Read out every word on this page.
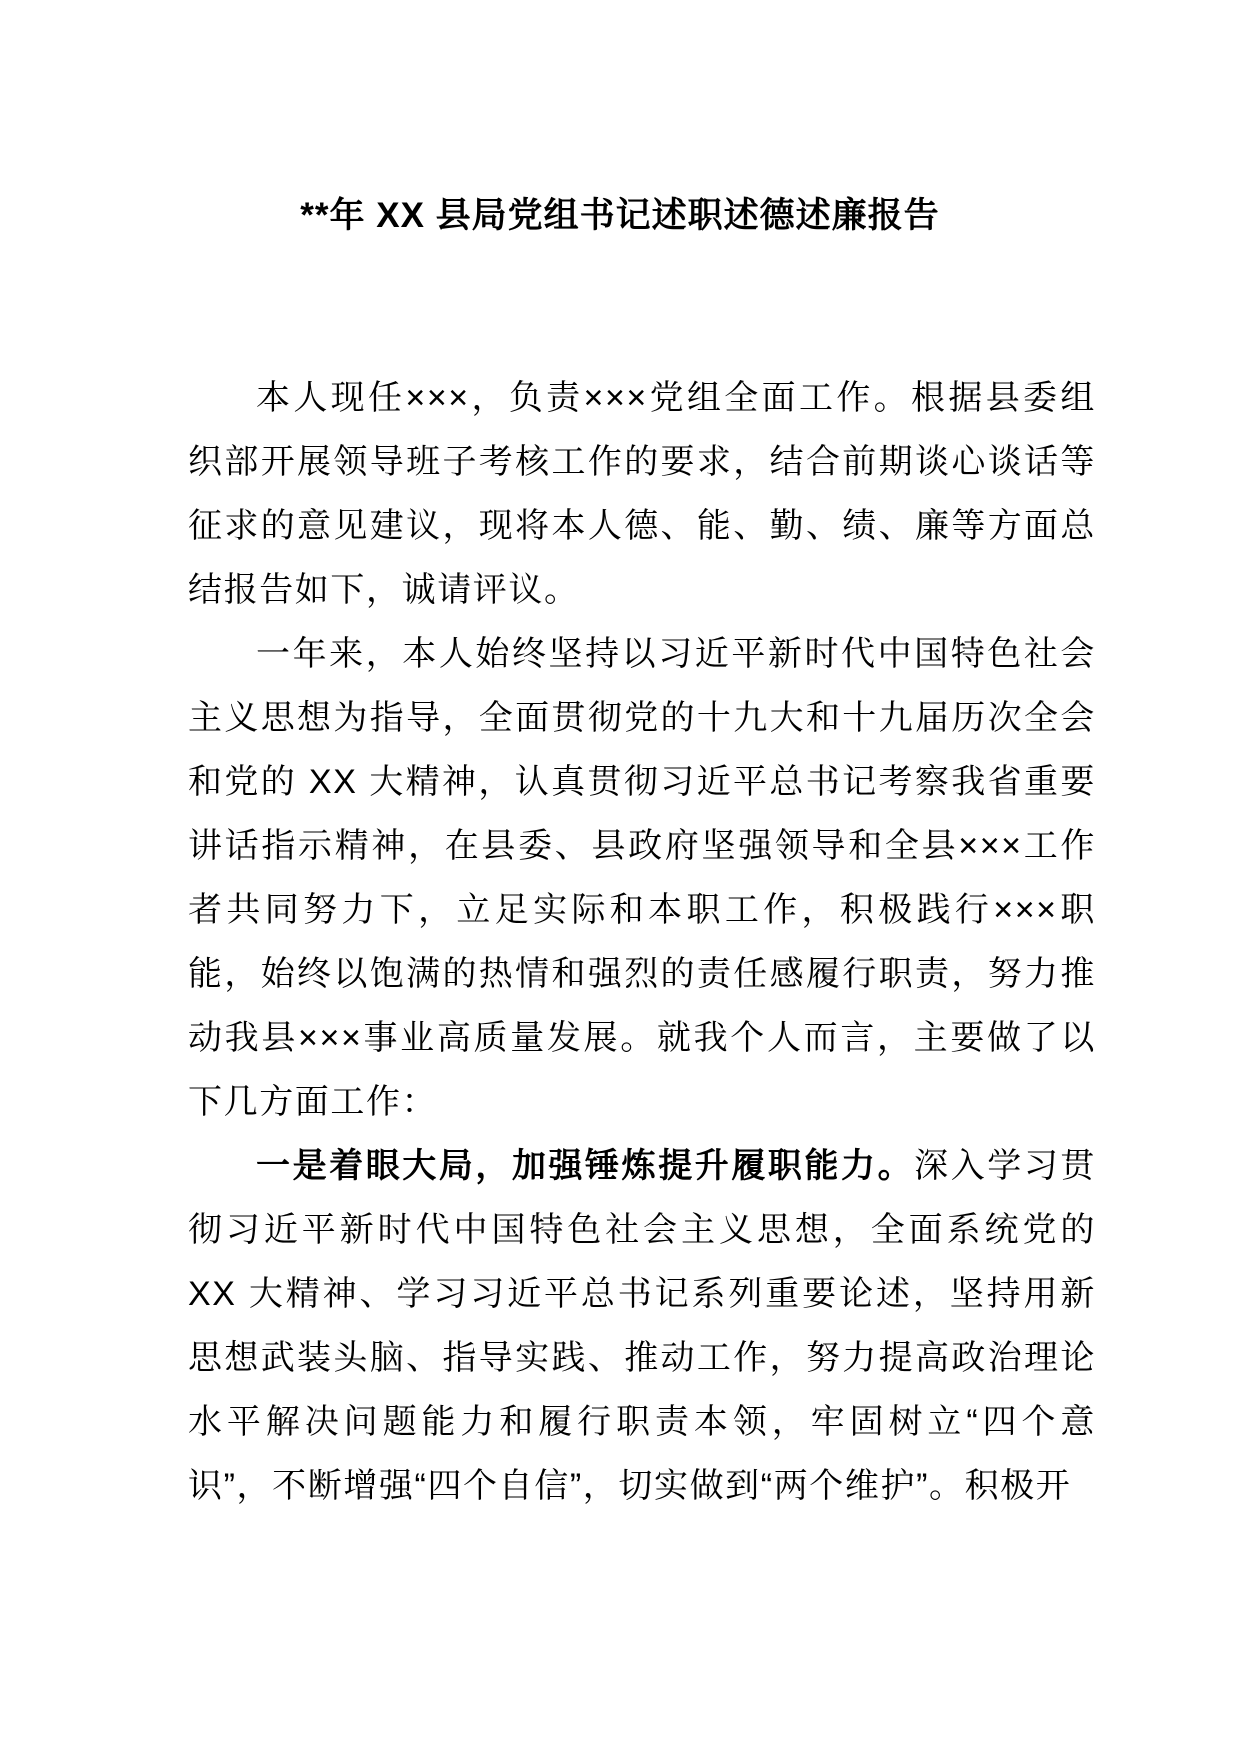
**年 XX 县局党组书记述职述德述廉报告

本人现任×××，负责×××党组全面工作。根据县委组织部开展领导班子考核工作的要求，结合前期谈心谈话等征求的意见建议，现将本人德、能、勤、绩、廉等方面总结报告如下，诚请评议。

一年来，本人始终坚持以习近平新时代中国特色社会主义思想为指导，全面贯彻党的十九大和十九届历次全会和党的 XX 大精神，认真贯彻习近平总书记考察我省重要讲话指示精神，在县委、县政府坚强领导和全县×××工作者共同努力下，立足实际和本职工作，积极践行×××职能，始终以饱满的热情和强烈的责任感履行职责，努力推动我县×××事业高质量发展。就我个人而言，主要做了以下几方面工作：

一是着眼大局，加强锤炼提升履职能力。深入学习贯彻习近平新时代中国特色社会主义思想，全面系统党的 XX 大精神、学习习近平总书记系列重要论述，坚持用新思想武装头脑、指导实践、推动工作，努力提高政治理论水平解决问题能力和履行职责本领，牢固树立“四个意识”，不断增强“四个自信”，切实做到“两个维护”。积极开
